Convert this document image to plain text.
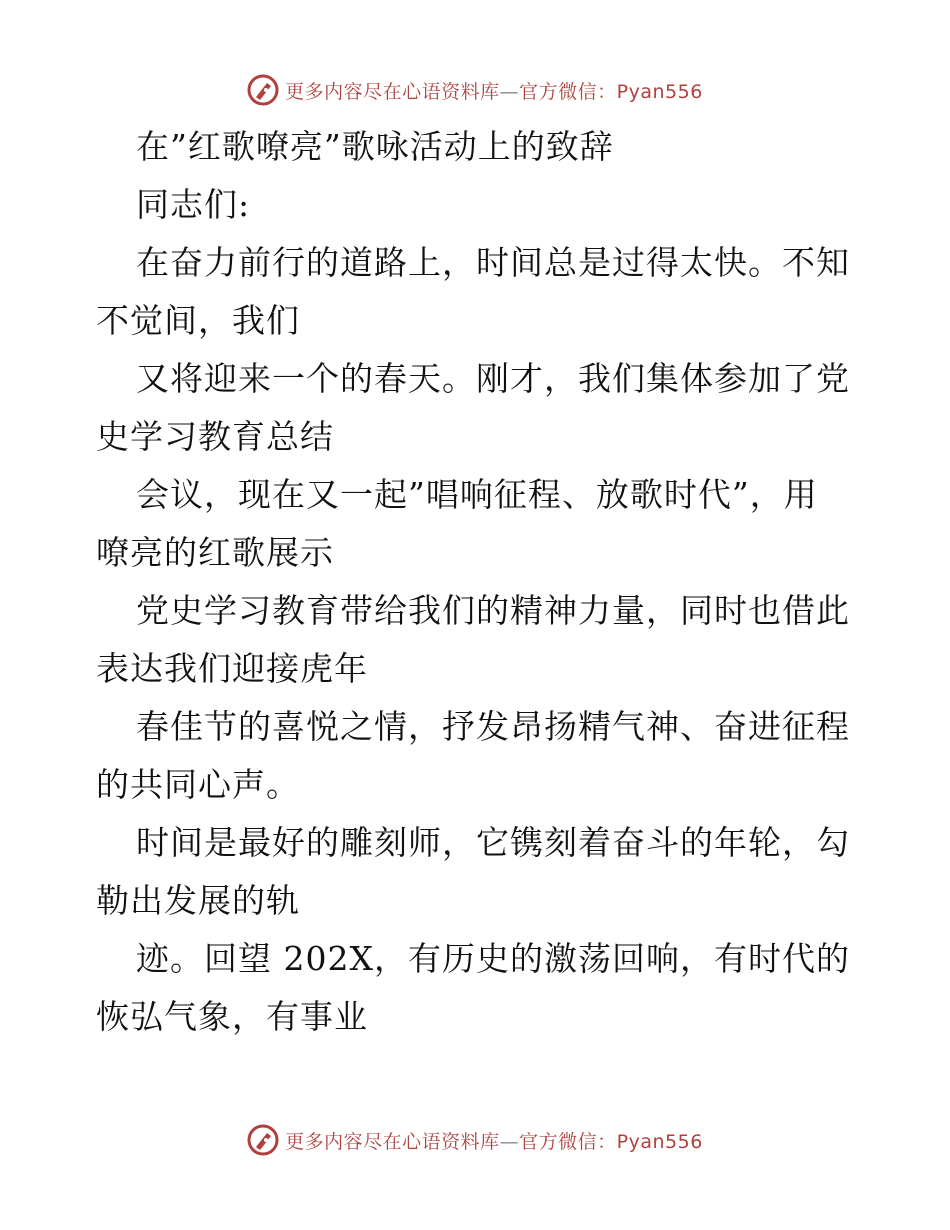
更多内容尽在心语资料库—官方微信：Pyan556
在”红歌嘹亮”歌咏活动上的致辞
同志们:
在奋力前行的道路上，时间总是过得太快。不知
不觉间，我们
又将迎来一个的春天。刚才，我们集体参加了党
史学习教育总结
会议，现在又一起”唱响征程、放歌时代”，用
嘹亮的红歌展示
党史学习教育带给我们的精神力量，同时也借此
表达我们迎接虎年
春佳节的喜悦之情，抒发昂扬精气神、奋进征程
的共同心声。
时间是最好的雕刻师，它镌刻着奋斗的年轮，勾
勒出发展的轨
迹。回望 202X，有历史的激荡回响，有时代的
恢弘气象，有事业
更多内容尽在心语资料库—官方微信：Pyan556
